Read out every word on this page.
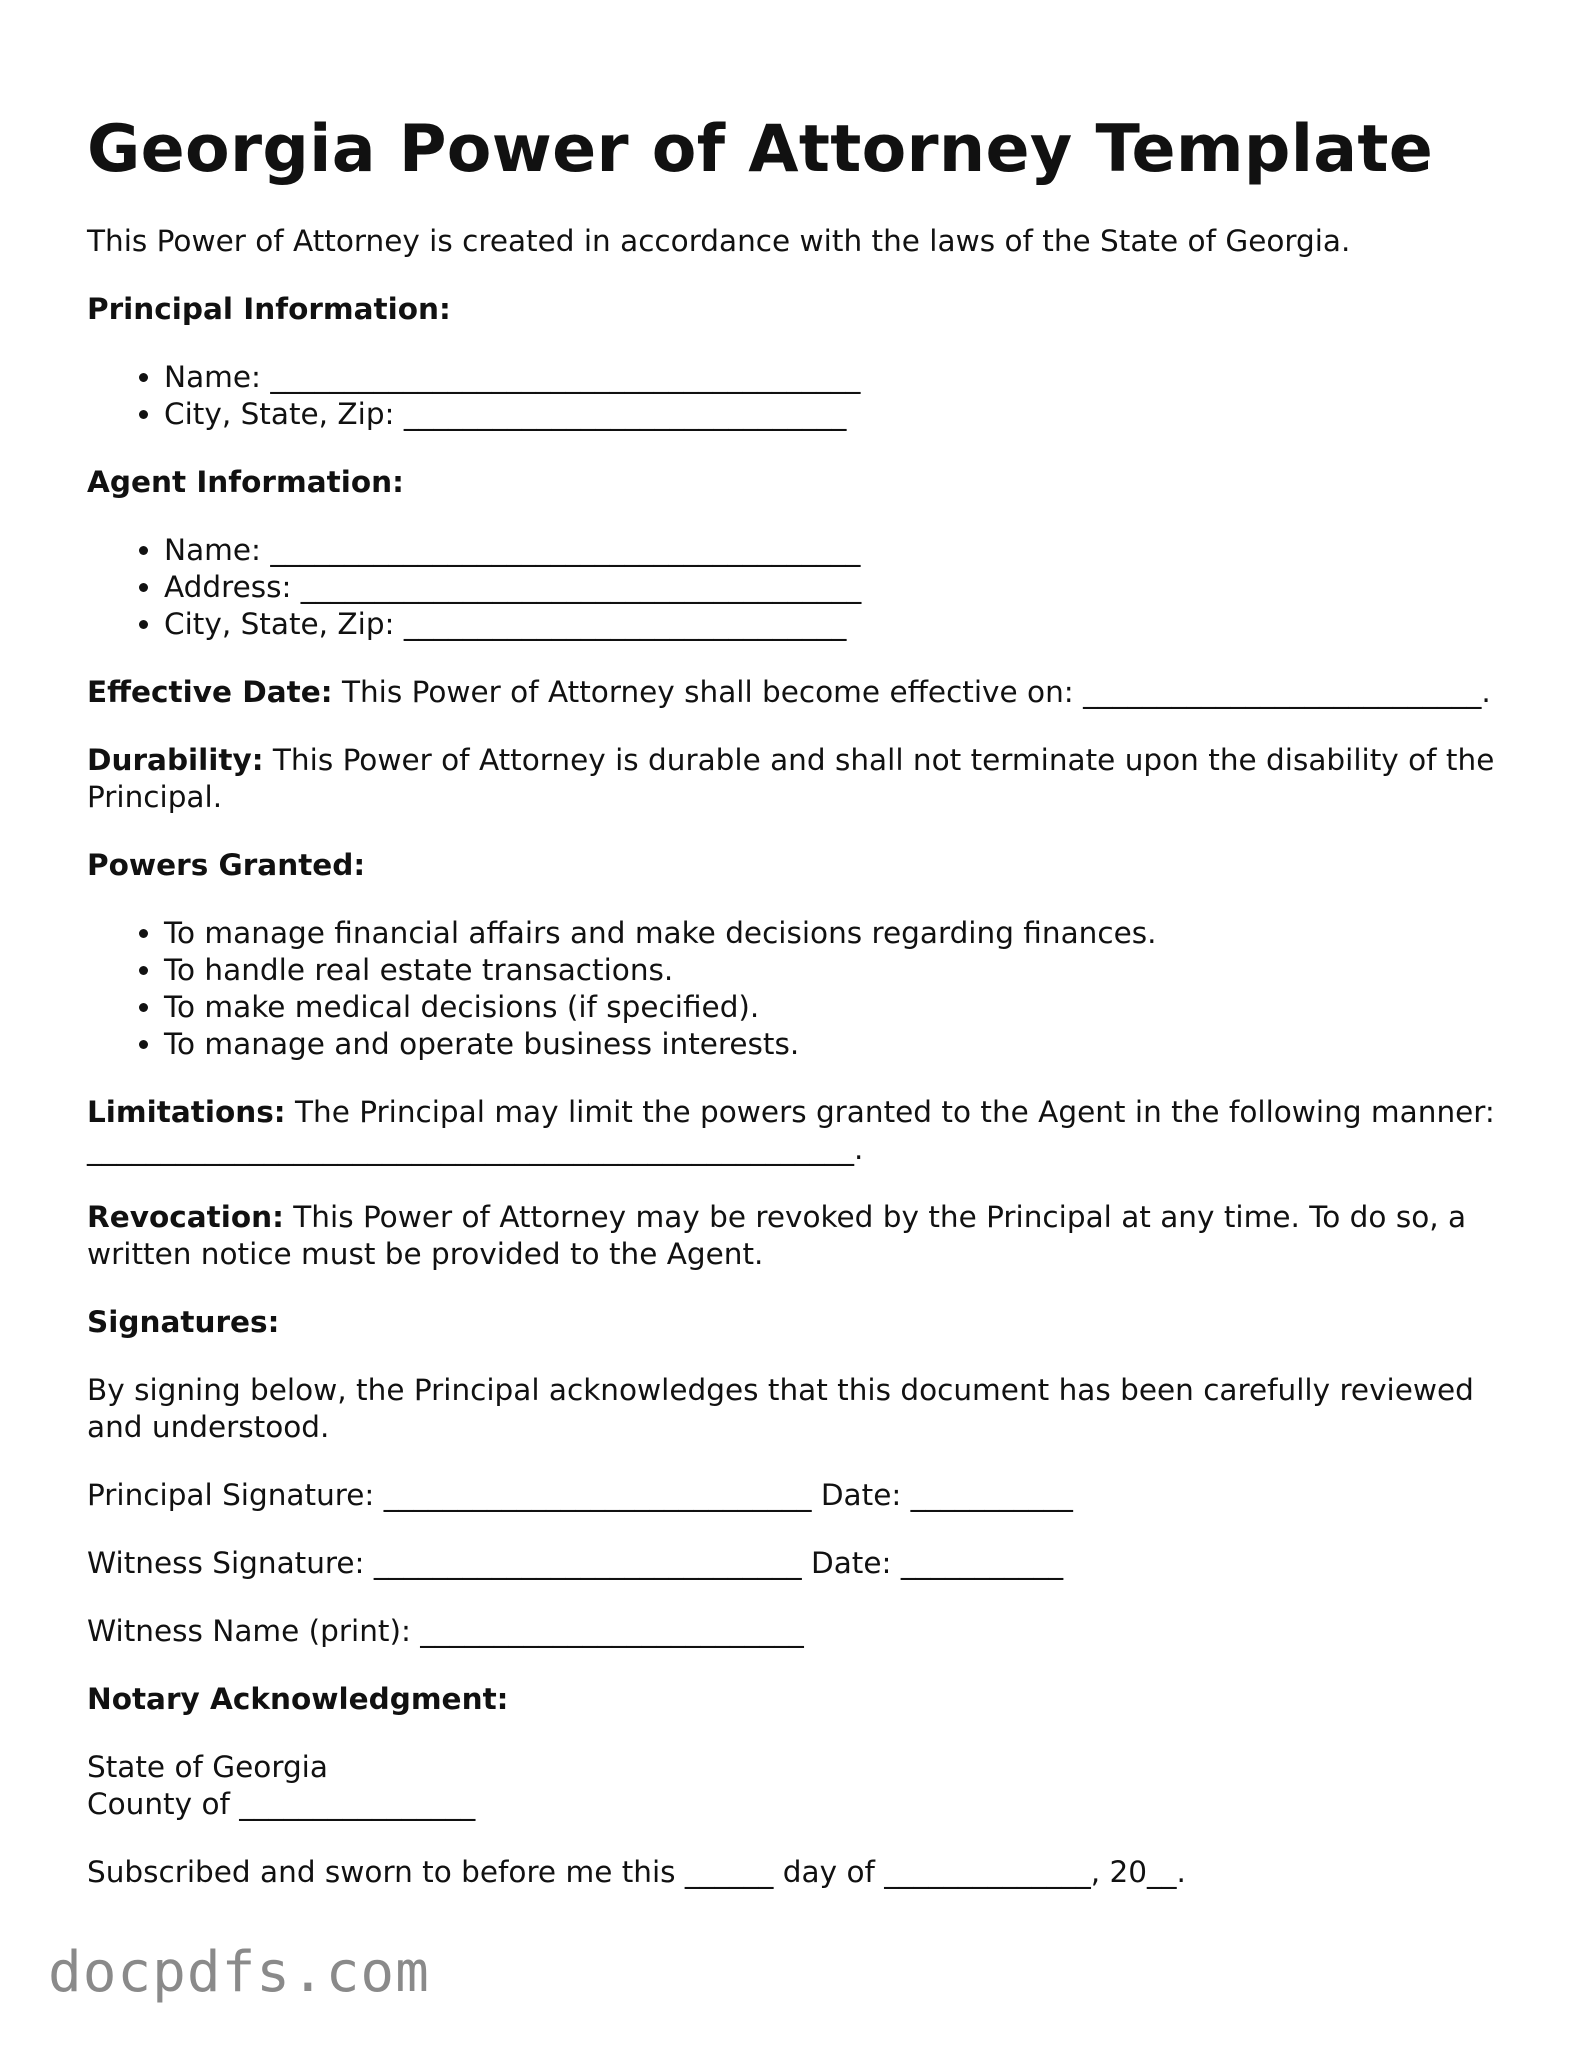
Georgia Power of Attorney Template

This Power of Attorney is created in accordance with the laws of the State of Georgia.

Principal Information:

• Name: ________________________________________
• City, State, Zip: ______________________________

Agent Information:

• Name: ________________________________________
• Address: ______________________________________
• City, State, Zip: ______________________________

Effective Date: This Power of Attorney shall become effective on: ___________________________.

Durability: This Power of Attorney is durable and shall not terminate upon the disability of the Principal.

Powers Granted:

• To manage financial affairs and make decisions regarding finances.
• To handle real estate transactions.
• To make medical decisions (if specified).
• To manage and operate business interests.

Limitations: The Principal may limit the powers granted to the Agent in the following manner: ____________________________________________________.

Revocation: This Power of Attorney may be revoked by the Principal at any time. To do so, a written notice must be provided to the Agent.

Signatures:

By signing below, the Principal acknowledges that this document has been carefully reviewed and understood.

Principal Signature: _____________________________ Date: ___________

Witness Signature: _____________________________ Date: ___________

Witness Name (print): __________________________

Notary Acknowledgment:

State of Georgia
County of ________________

Subscribed and sworn to before me this ______ day of ______________, 20__.

docpdfs.com
